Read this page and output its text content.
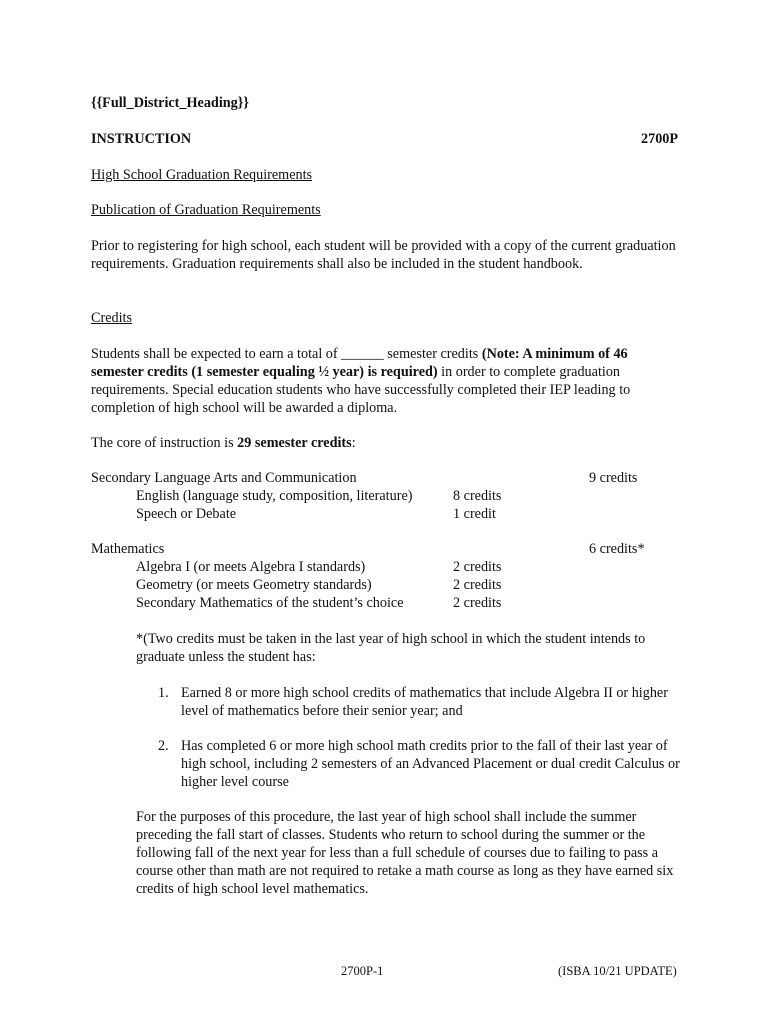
{{Full_District_Heading}}
INSTRUCTION	2700P
High School Graduation Requirements
Publication of Graduation Requirements
Prior to registering for high school, each student will be provided with a copy of the current graduation requirements. Graduation requirements shall also be included in the student handbook.
Credits
Students shall be expected to earn a total of ______ semester credits (Note: A minimum of 46 semester credits (1 semester equaling ½ year) is required) in order to complete graduation requirements. Special education students who have successfully completed their IEP leading to completion of high school will be awarded a diploma.
The core of instruction is 29 semester credits:
Secondary Language Arts and Communication	9 credits
English (language study, composition, literature)	8 credits
Speech or Debate	1 credit
Mathematics	6 credits*
Algebra I (or meets Algebra I standards)	2 credits
Geometry (or meets Geometry standards)	2 credits
Secondary Mathematics of the student’s choice	2 credits
*(Two credits must be taken in the last year of high school in which the student intends to graduate unless the student has:
1. Earned 8 or more high school credits of mathematics that include Algebra II or higher level of mathematics before their senior year; and
2. Has completed 6 or more high school math credits prior to the fall of their last year of high school, including 2 semesters of an Advanced Placement or dual credit Calculus or higher level course
For the purposes of this procedure, the last year of high school shall include the summer preceding the fall start of classes. Students who return to school during the summer or the following fall of the next year for less than a full schedule of courses due to failing to pass a course other than math are not required to retake a math course as long as they have earned six credits of high school level mathematics.
2700P-1	(ISBA 10/21 UPDATE)
